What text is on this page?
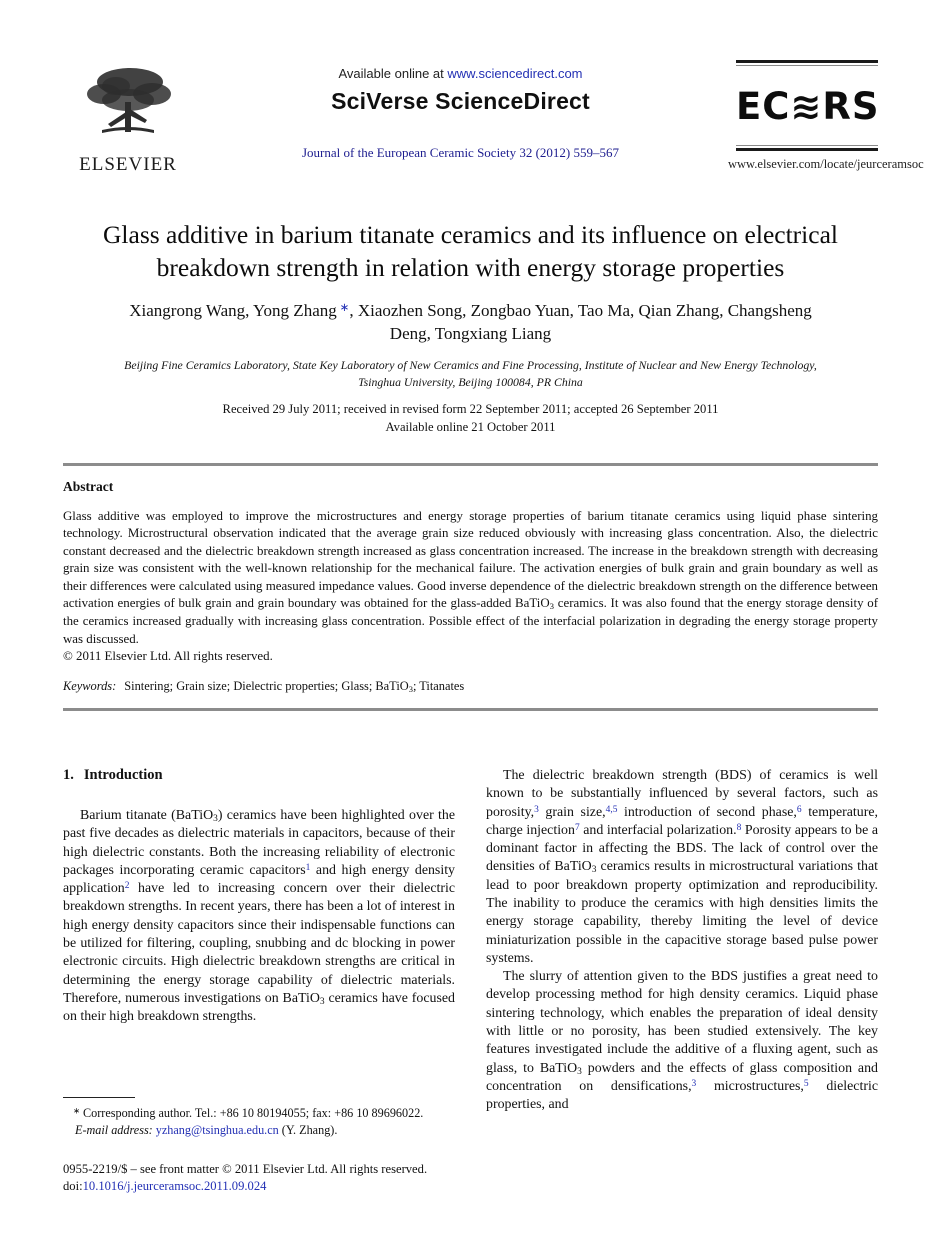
ELSEVIER
Available online at www.sciencedirect.com
SciVerse ScienceDirect
Journal of the European Ceramic Society 32 (2012) 559–567
EC≋RS
www.elsevier.com/locate/jeurceramsoc
Glass additive in barium titanate ceramics and its influence on electrical breakdown strength in relation with energy storage properties
Xiangrong Wang, Yong Zhang ∗, Xiaozhen Song, Zongbao Yuan, Tao Ma, Qian Zhang, Changsheng Deng, Tongxiang Liang
Beijing Fine Ceramics Laboratory, State Key Laboratory of New Ceramics and Fine Processing, Institute of Nuclear and New Energy Technology,
Tsinghua University, Beijing 100084, PR China
Received 29 July 2011; received in revised form 22 September 2011; accepted 26 September 2011
Available online 21 October 2011
Abstract

Glass additive was employed to improve the microstructures and energy storage properties of barium titanate ceramics using liquid phase sintering technology. Microstructural observation indicated that the average grain size reduced obviously with increasing glass concentration. Also, the dielectric constant decreased and the dielectric breakdown strength increased as glass concentration increased. The increase in the breakdown strength with decreasing grain size was consistent with the well-known relationship for the mechanical failure. The activation energies of bulk grain and grain boundary as well as their differences were calculated using measured impedance values. Good inverse dependence of the dielectric breakdown strength on the difference between activation energies of bulk grain and grain boundary was obtained for the glass-added BaTiO$_3$ ceramics. It was also found that the energy storage density of the ceramics increased gradually with increasing glass concentration. Possible effect of the interfacial polarization in degrading the energy storage property was discussed.

© 2011 Elsevier Ltd. All rights reserved.

Keywords: Sintering; Grain size; Dielectric properties; Glass; BaTiO$_3$; Titanates

1. Introduction

Barium titanate (BaTiO$_3$) ceramics have been highlighted over the past five decades as dielectric materials in capacitors, because of their high dielectric constants. Both the increasing reliability of electronic packages incorporating ceramic capacitors$^1$ and high energy density application$^2$ have led to increasing concern over their dielectric breakdown strengths. In recent years, there has been a lot of interest in high energy density capacitors since their indispensable functions can be utilized for filtering, coupling, snubbing and dc blocking in power electronic circuits. High dielectric breakdown strengths are critical in determining the energy storage capability of dielectric materials. Therefore, numerous investigations on BaTiO$_3$ ceramics have focused on their high breakdown strengths.

∗ Corresponding author. Tel.: +86 10 80194055; fax: +86 10 89696022.
E-mail address: yzhang@tsinghua.edu.cn (Y. Zhang).

The dielectric breakdown strength (BDS) of ceramics is well known to be substantially influenced by several factors, such as porosity,$^3$ grain size,$^{4,5}$ introduction of second phase,$^6$ temperature, charge injection$^7$ and interfacial polarization.$^8$ Porosity appears to be a dominant factor in affecting the BDS. The lack of control over the densities of BaTiO$_3$ ceramics results in microstructural variations that lead to poor breakdown property optimization and reproducibility. The inability to produce the ceramics with high densities limits the energy storage capability, thereby limiting the level of device miniaturization possible in the capacitive storage based pulse power systems.

The slurry of attention given to the BDS justifies a great need to develop processing method for high density ceramics. Liquid phase sintering technology, which enables the preparation of ideal density with little or no porosity, has been studied extensively. The key features investigated include the additive of a fluxing agent, such as glass, to BaTiO$_3$ powders and the effects of glass composition and concentration on densifications,$^3$ microstructures,$^5$ dielectric properties, and

0955-2219/$ – see front matter © 2011 Elsevier Ltd. All rights reserved.
doi:10.1016/j.jeurceramsoc.2011.09.024
